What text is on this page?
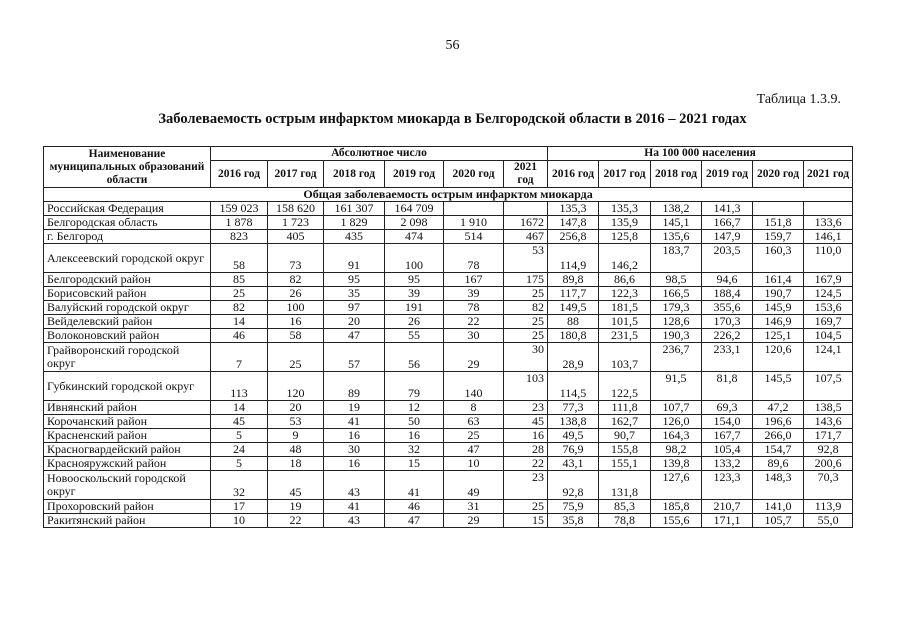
56
Таблица 1.3.9.
Заболеваемость острым инфарктом миокарда в Белгородской области в 2016 – 2021 годах
Наименование муниципальных образований области	Абсолютное число						На 100 000 населения					
	2016 год	2017 год	2018 год	2019 год	2020 год	2021 год	2016 год	2017 год	2018 год	2019 год	2020 год	2021 год
Общая заболеваемость острым инфарктом миокарда												
Российская Федерация	159 023	158 620	161 307	164 709			135,3	135,3	138,2	141,3		
Белгородская область	1 878	1 723	1 829	2 098	1 910	1672	147,8	135,9	145,1	166,7	151,8	133,6
г. Белгород	823	405	435	474	514	467	256,8	125,8	135,6	147,9	159,7	146,1
Алексеевский городской округ	58	73	91	100	78	53	114,9	146,2	183,7	203,5	160,3	110,0
Белгородский район	85	82	95	95	167	175	89,8	86,6	98,5	94,6	161,4	167,9
Борисовский район	25	26	35	39	39	25	117,7	122,3	166,5	188,4	190,7	124,5
Валуйский городской округ	82	100	97	191	78	82	149,5	181,5	179,3	355,6	145,9	153,6
Вейделевский район	14	16	20	26	22	25	88	101,5	128,6	170,3	146,9	169,7
Волоконовский район	46	58	47	55	30	25	180,8	231,5	190,3	226,2	125,1	104,5
Грайворонский городской округ	7	25	57	56	29	30	28,9	103,7	236,7	233,1	120,6	124,1
Губкинский городской округ	113	120	89	79	140	103	114,5	122,5	91,5	81,8	145,5	107,5
Ивнянский район	14	20	19	12	8	23	77,3	111,8	107,7	69,3	47,2	138,5
Корочанский район	45	53	41	50	63	45	138,8	162,7	126,0	154,0	196,6	143,6
Красненский район	5	9	16	16	25	16	49,5	90,7	164,3	167,7	266,0	171,7
Красногвардейский район	24	48	30	32	47	28	76,9	155,8	98,2	105,4	154,7	92,8
Краснояружский район	5	18	16	15	10	22	43,1	155,1	139,8	133,2	89,6	200,6
Новооскольский городской округ	32	45	43	41	49	23	92,8	131,8	127,6	123,3	148,3	70,3
Прохоровский район	17	19	41	46	31	25	75,9	85,3	185,8	210,7	141,0	113,9
Ракитянский район	10	22	43	47	29	15	35,8	78,8	155,6	171,1	105,7	55,0
